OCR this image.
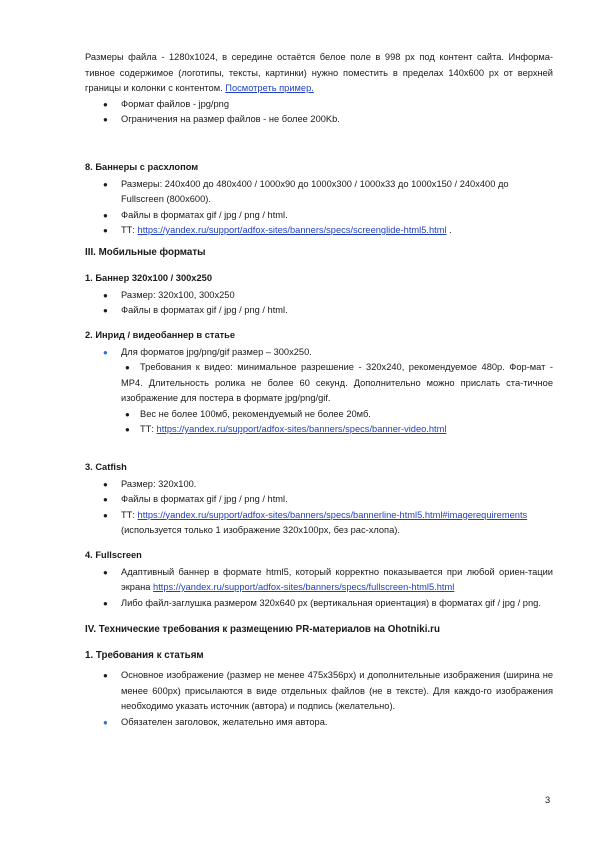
Размеры файла - 1280х1024, в середине остаётся белое поле в 998 px под контент сайта. Информа-тивное содержимое (логотипы, тексты, картинки) нужно поместить в пределах 140х600 px от верхней границы и колонки с контентом. Посмотреть пример.

● Формат файлов - jpg/png
● Ограничения на размер файлов - не более 200Kb.

8. Баннеры с расхлопом

● Размеры: 240х400 до 480х400 / 1000х90 до 1000х300 / 1000х33 до 1000х150 / 240х400 до Fullscreen (800х600).
● Файлы в форматах gif / jpg / png / html.
● ТТ: https://yandex.ru/support/adfox-sites/banners/specs/screenglide-html5.html .

III. Мобильные форматы

1. Баннер 320х100 / 300х250

● Размер: 320х100, 300х250
● Файлы в форматах gif / jpg / png / html.

2. Инрид / видеобаннер в статье

● Для форматов jpg/png/gif размер – 300х250.
● Требования к видео: минимальное разрешение - 320х240, рекомендуемое 480p. Фор-мат - MP4. Длительность ролика не более 60 секунд. Дополнительно можно прислать ста-тичное изображение для постера в формате jpg/png/gif.
● Вес не более 100мб, рекомендуемый не более 20мб.
● ТТ: https://yandex.ru/support/adfox-sites/banners/specs/banner-video.html

3. Catfish

● Размер: 320х100.
● Файлы в форматах gif / jpg / png / html.
● ТТ: https://yandex.ru/support/adfox-sites/banners/specs/bannerline-html5.html#imagerequirements (используется только 1 изображение 320х100px, без рас-хлопа).

4. Fullscreen

● Адаптивный баннер в формате html5, который корректно показывается при любой ориен-тации экрана https://yandex.ru/support/adfox-sites/banners/specs/fullscreen-html5.html
● Либо файл-заглушка размером 320х640 px (вертикальная ориентация) в форматах gif / jpg / png.

IV. Технические требования к размещению PR-материалов на Ohotniki.ru

1. Требования к статьям

● Основное изображение (размер не менее 475х356px) и дополнительные изображения (ширина не менее 600px) присылаются в виде отдельных файлов (не в тексте). Для каждо-го изображения необходимо указать источник (автора) и подпись (желательно).
● Обязателен заголовок, желательно имя автора.
3
